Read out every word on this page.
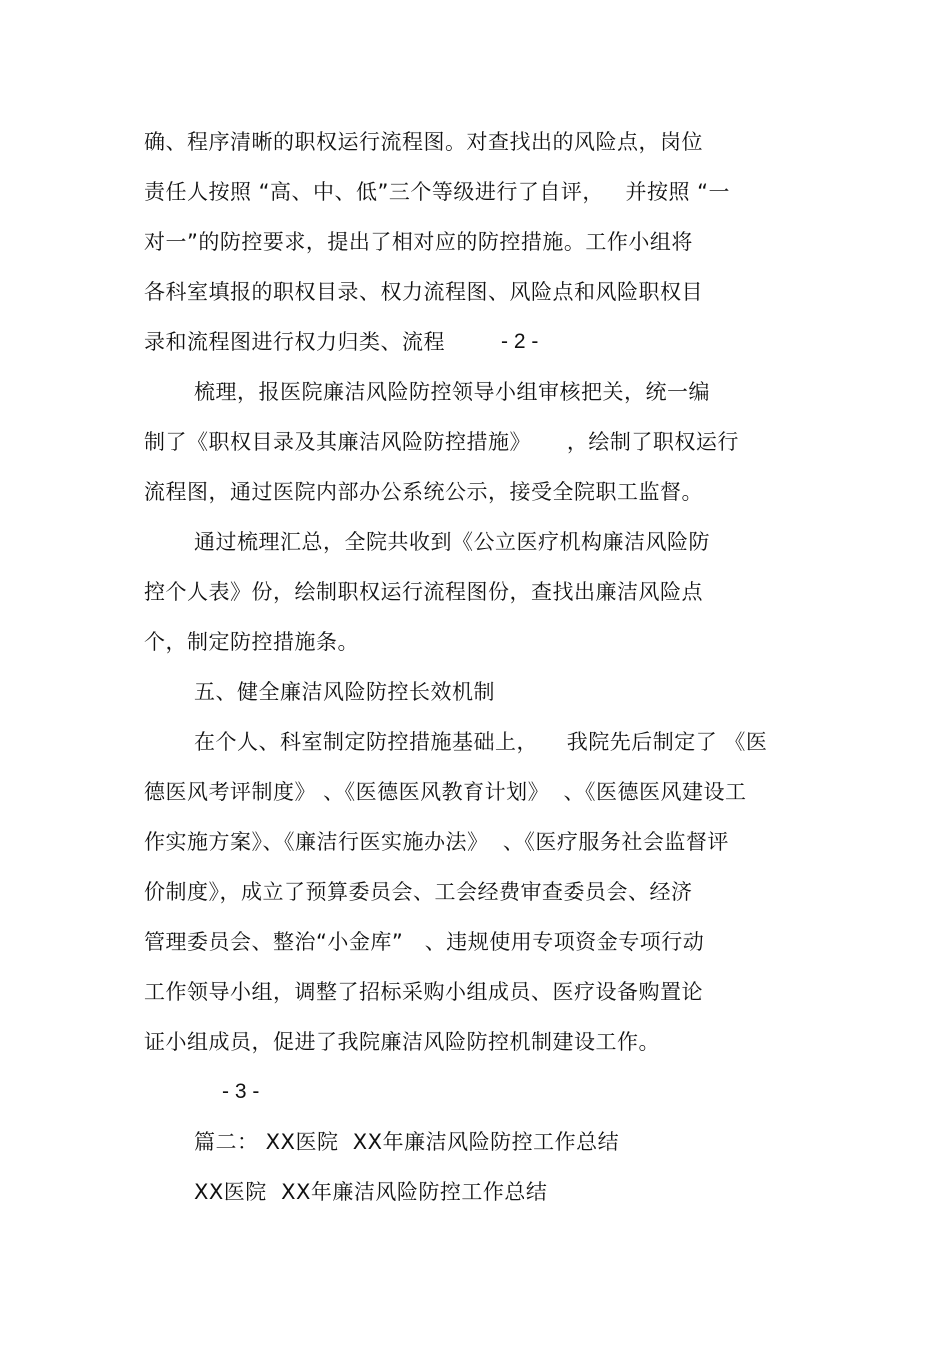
确、程序清晰的职权运行流程图。对查找出的风险点，岗位
责任人按照 “高、中、低”三个等级进行了自评，   并按照 “一
对一”的防控要求，提出了相对应的防控措施。工作小组将
各科室填报的职权目录、权力流程图、风险点和风险职权目
录和流程图进行权力归类、流程	- 2 -
梳理，报医院廉洁风险防控领导小组审核把关，统一编
制了《职权目录及其廉洁风险防控措施》     ，绘制了职权运行
流程图，通过医院内部办公系统公示，接受全院职工监督。
通过梳理汇总，全院共收到《公立医疗机构廉洁风险防
控个人表》份，绘制职权运行流程图份，查找出廉洁风险点
个，制定防控措施条。
五、健全廉洁风险防控长效机制
在个人、科室制定防控措施基础上，    我院先后制定了 《医
德医风考评制度》 、《医德医风教育计划》  、《医德医风建设工
作实施方案》、《廉洁行医实施办法》  、《医疗服务社会监督评
价制度》，成立了预算委员会、工会经费审查委员会、经济
管理委员会、整治“小金库”   、违规使用专项资金专项行动
工作领导小组，调整了招标采购小组成员、医疗设备购置论
证小组成员，促进了我院廉洁风险防控机制建设工作。
- 3 -
篇二： XX医院  XX年廉洁风险防控工作总结
XX医院  XX年廉洁风险防控工作总结
